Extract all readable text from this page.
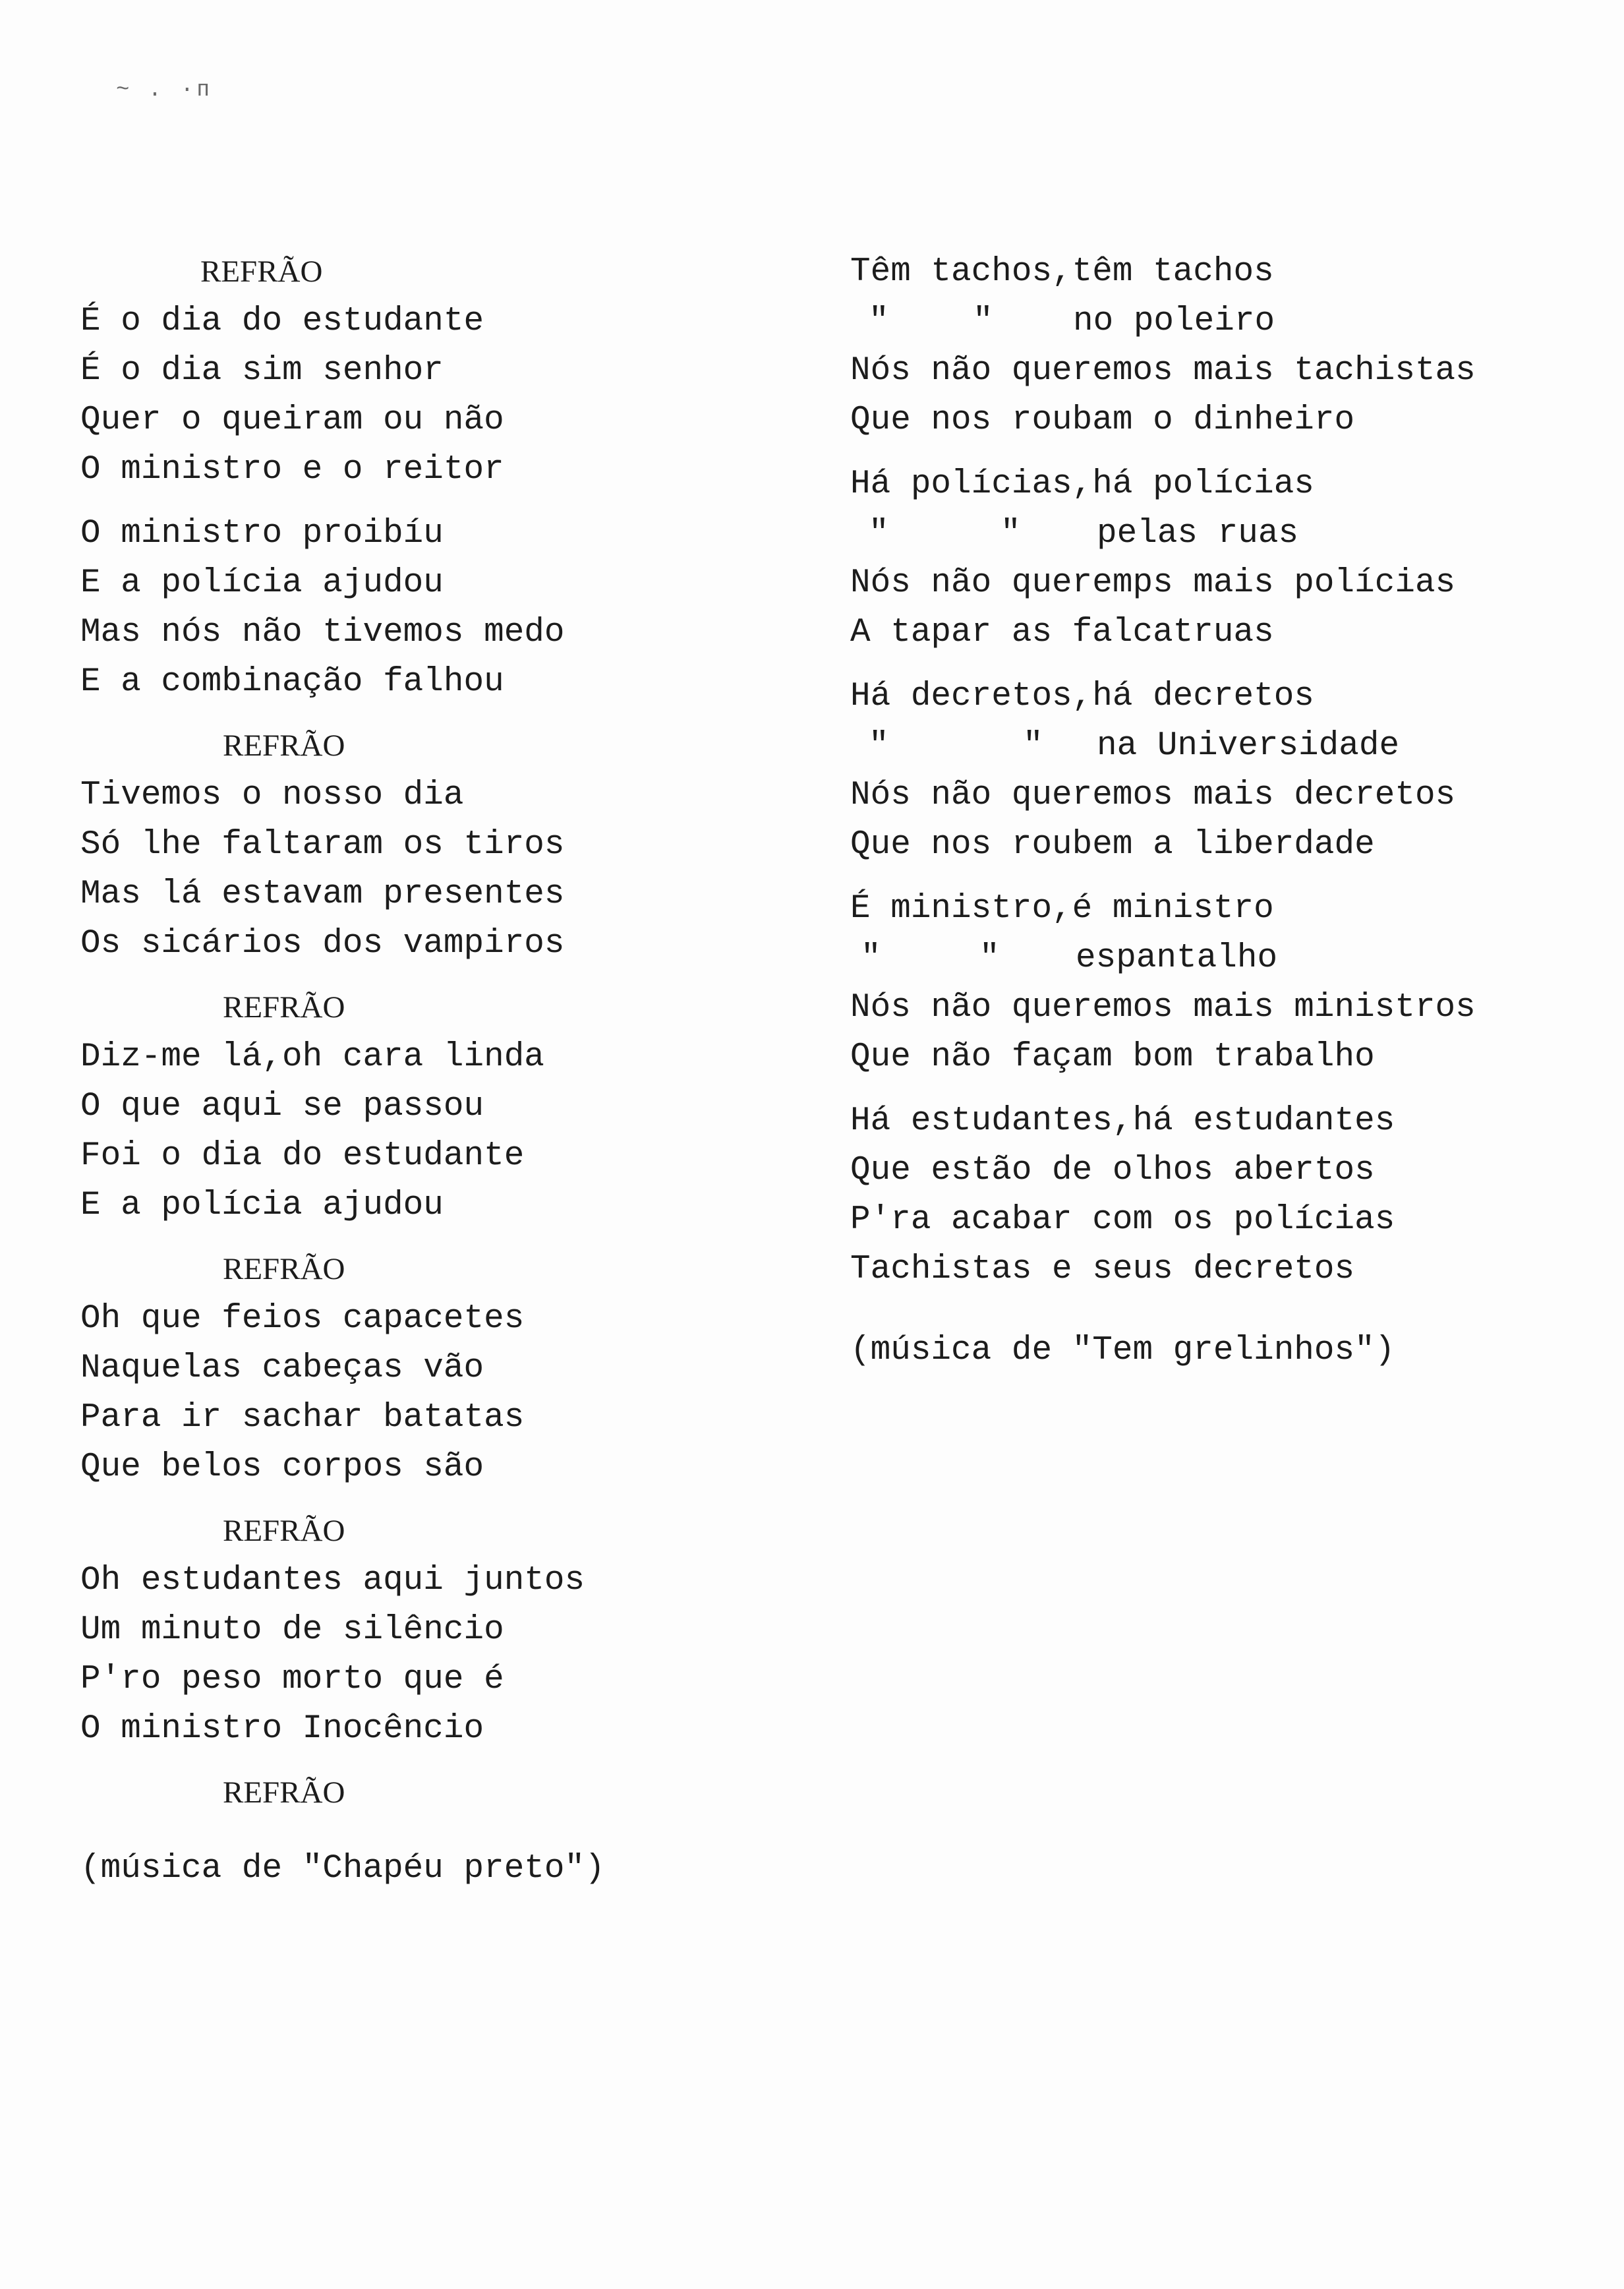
~ . ·ᴨ
REFRÃO
É o dia do estudante
É o dia sim senhor
Quer o queiram ou não
O ministro e o reitor
O ministro proibíu
E a polícia ajudou
Mas nós não tivemos medo
E a combinação falhou
REFRÃO
Tivemos o nosso dia
Só lhe faltaram os tiros
Mas lá estavam presentes
Os sicários dos vampiros
REFRÃO
Diz-me lá,oh cara linda
O que aqui se passou
Foi o dia do estudante
E a polícia ajudou
REFRÃO
Oh que feios capacetes
Naquelas cabeças vão
Para ir sachar batatas
Que belos corpos são
REFRÃO
Oh estudantes aqui juntos
Um minuto de silêncio
P'ro peso morto que é
O ministro Inocêncio
REFRÃO
(música de "Chapéu preto")
Têm tachos,têm tachos

"

"

no poleiro

Nós não queremos mais tachistas
Que nos roubam o dinheiro
Há polícias,há polícias

"

	"

pelas ruas

Nós não queremps mais polícias
A tapar as falcatruas
Há decretos,há decretos

"

	"

na Universidade

Nós não queremos mais decretos
Que nos roubem a liberdade
É ministro,é ministro

"

	"

espantalho

Nós não queremos mais ministros
Que não façam bom trabalho
Há estudantes,há estudantes
Que estão de olhos abertos
P'ra acabar com os polícias
Tachistas e seus decretos
(música de "Tem grelinhos")
